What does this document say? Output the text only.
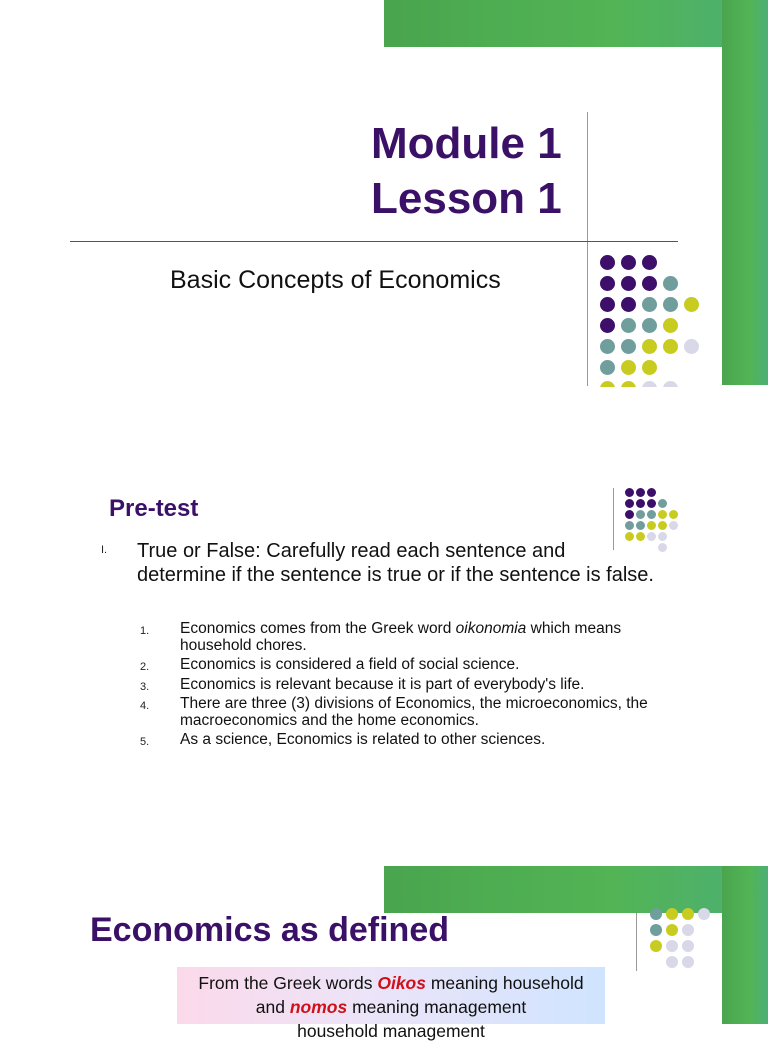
Module 1
Lesson 1
Basic Concepts of Economics
Pre-test
I. True or False: Carefully read each sentence and determine if the sentence is true or if the sentence is false.
1. Economics comes from the Greek word oikonomia which means household chores.
2. Economics is considered a field of social science.
3. Economics is relevant because it is part of everybody's life.
4. There are three (3) divisions of Economics, the microeconomics, the macroeconomics and the home economics.
5. As a science, Economics is related to other sciences.
Economics as defined
From the Greek words Oikos meaning household
and nomos meaning management
household management
